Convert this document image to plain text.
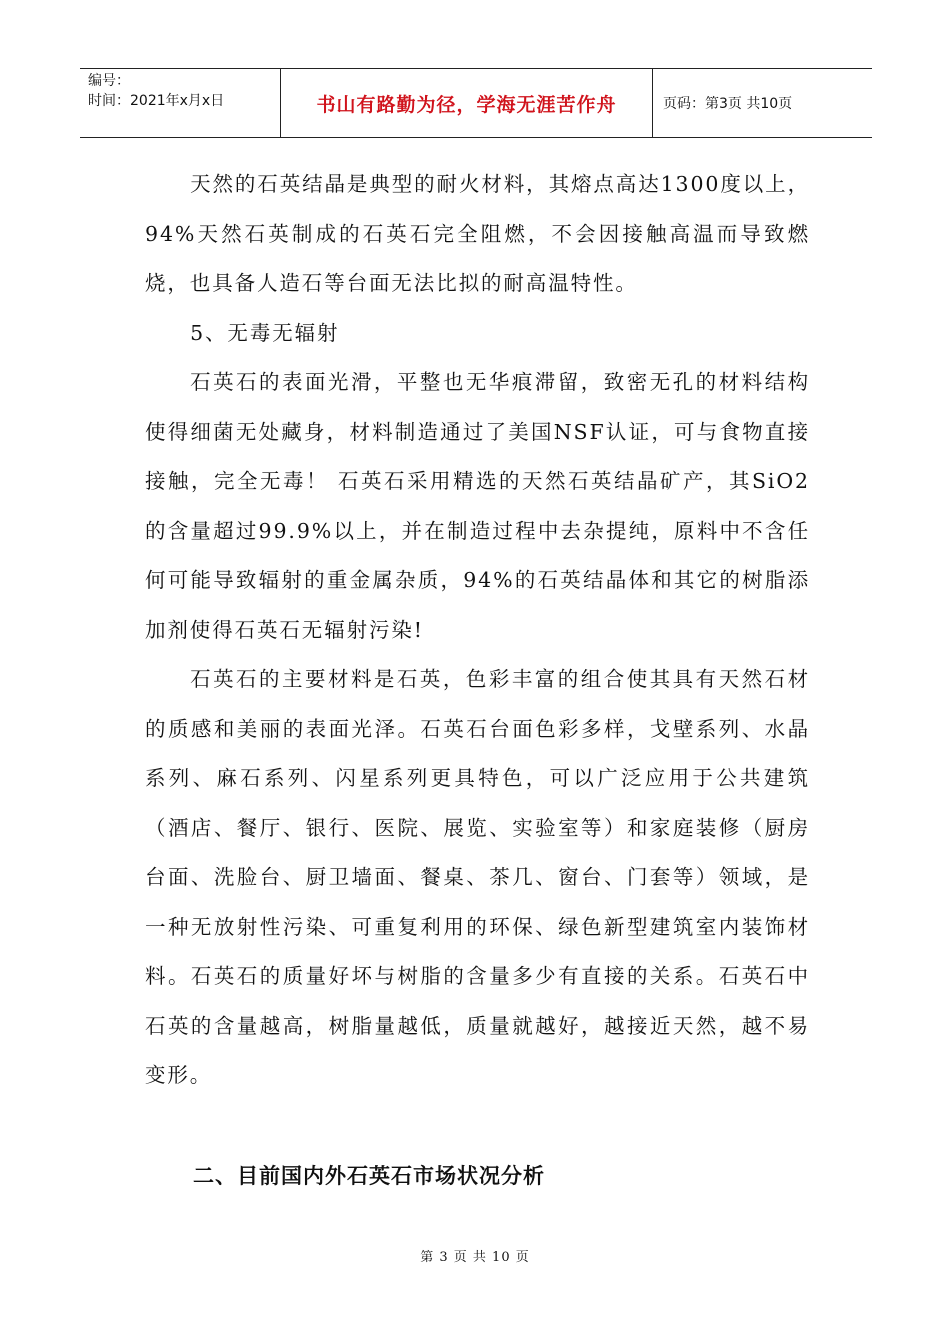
编号：
时间：2021年x月x日	书山有路勤为径，学海无涯苦作舟	页码：第3页 共10页

天然的石英结晶是典型的耐火材料，其熔点高达1300度以上，94%天然石英制成的石英石完全阻燃，不会因接触高温而导致燃烧，也具备人造石等台面无法比拟的耐高温特性。

5、无毒无辐射

石英石的表面光滑，平整也无华痕滞留，致密无孔的材料结构使得细菌无处藏身，材料制造通过了美国NSF认证，可与食物直接接触，完全无毒！ 石英石采用精选的天然石英结晶矿产，其SiO2的含量超过99.9%以上，并在制造过程中去杂提纯，原料中不含任何可能导致辐射的重金属杂质，94%的石英结晶体和其它的树脂添加剂使得石英石无辐射污染!

石英石的主要材料是石英，色彩丰富的组合使其具有天然石材的质感和美丽的表面光泽。石英石台面色彩多样，戈壁系列、水晶系列、麻石系列、闪星系列更具特色，可以广泛应用于公共建筑（酒店、餐厅、银行、医院、展览、实验室等）和家庭装修（厨房台面、洗脸台、厨卫墙面、餐桌、茶几、窗台、门套等）领域，是一种无放射性污染、可重复利用的环保、绿色新型建筑室内装饰材料。石英石的质量好坏与树脂的含量多少有直接的关系。石英石中石英的含量越高，树脂量越低，质量就越好，越接近天然，越不易变形。

二、目前国内外石英石市场状况分析
第 3 页 共 10 页
